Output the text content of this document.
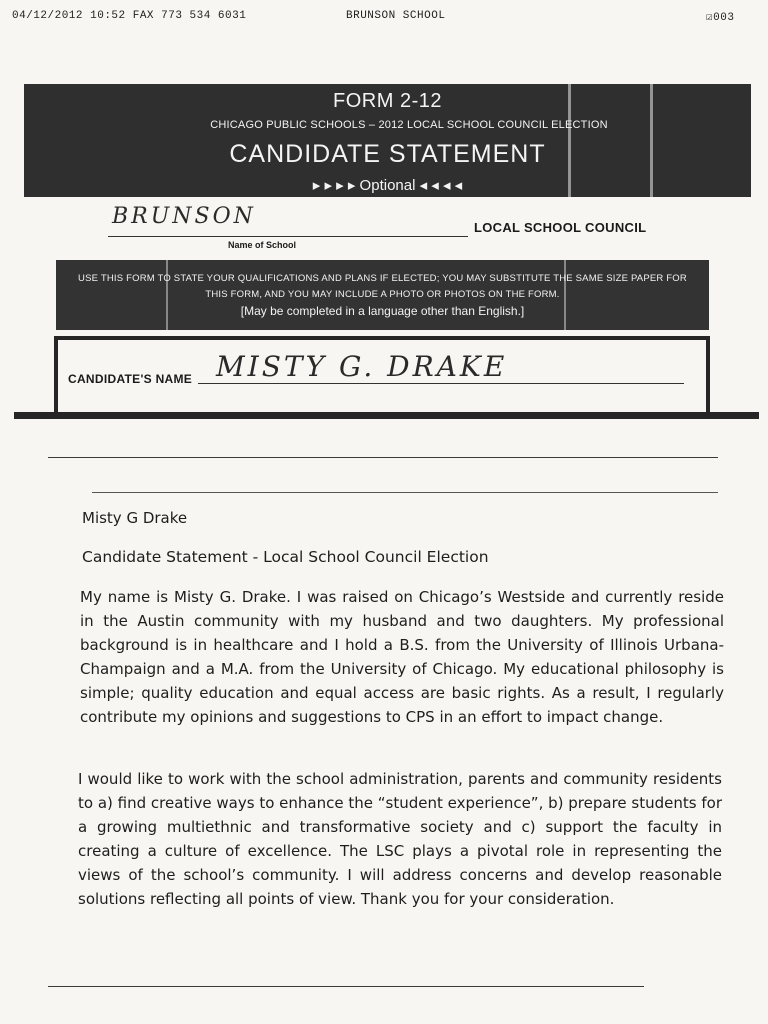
04/12/2012 10:52 FAX 773 534 6031	BRUNSON SCHOOL	☑003
FORM 2-12
CHICAGO PUBLIC SCHOOLS – 2012 LOCAL SCHOOL COUNCIL ELECTION
CANDIDATE STATEMENT
▸ ▸ ▸ ▸ Optional ◂ ◂ ◂ ◂
BRUNSON
Name of School
LOCAL SCHOOL COUNCIL
USE THIS FORM TO STATE YOUR QUALIFICATIONS AND PLANS IF ELECTED; YOU MAY SUBSTITUTE THE SAME SIZE PAPER FOR
THIS FORM, AND YOU MAY INCLUDE A PHOTO OR PHOTOS ON THE FORM.
[May be completed in a language other than English.]
CANDIDATE'S NAME MISTY G. DRAKE
Misty G Drake
Candidate Statement - Local School Council Election
My name is Misty G. Drake. I was raised on Chicago’s Westside and currently reside in the Austin community with my husband and two daughters. My professional background is in healthcare and I hold a B.S. from the University of Illinois Urbana-Champaign and a M.A. from the University of Chicago. My educational philosophy is simple; quality education and equal access are basic rights. As a result, I regularly contribute my opinions and suggestions to CPS in an effort to impact change.
I would like to work with the school administration, parents and community residents to a) find creative ways to enhance the “student experience”, b) prepare students for a growing multiethnic and transformative society and c) support the faculty in creating a culture of excellence. The LSC plays a pivotal role in representing the views of the school’s community. I will address concerns and develop reasonable solutions reflecting all points of view. Thank you for your consideration.
